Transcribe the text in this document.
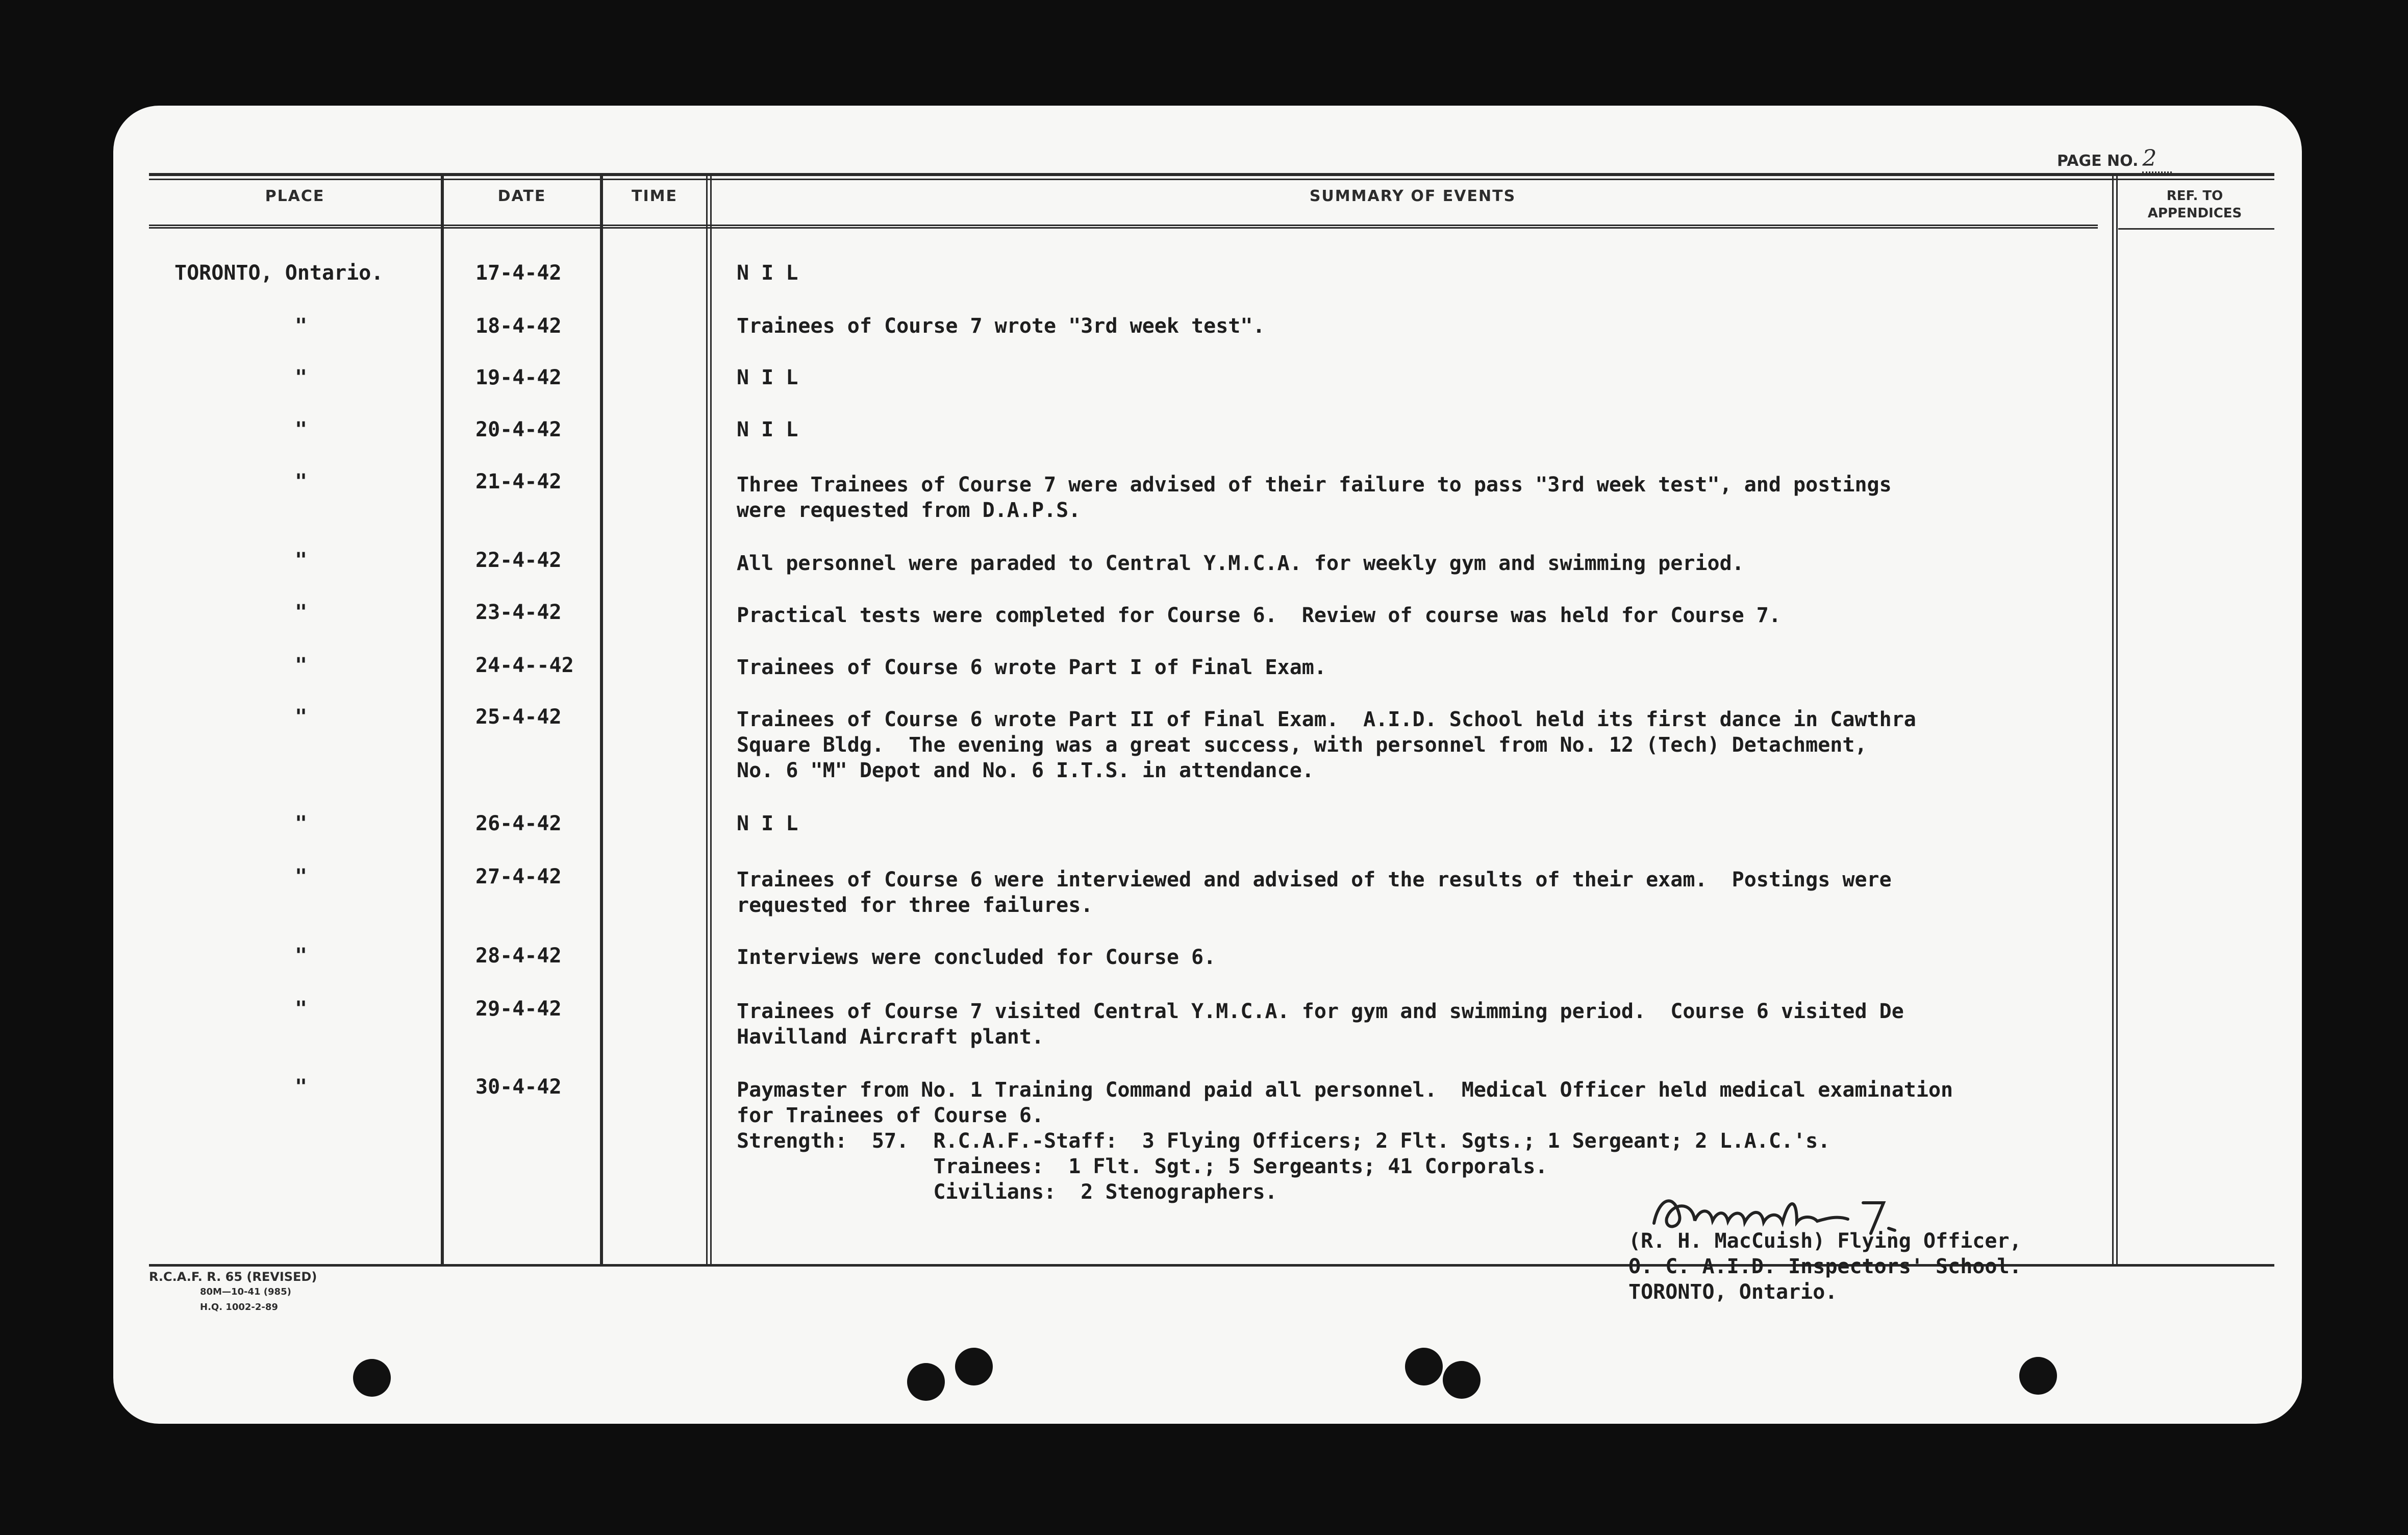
PAGE NO. 2
PLACE	DATE	TIME	SUMMARY OF EVENTS	REF. TO APPENDICES
TORONTO, Ontario.	17-4-42	N I L
"	18-4-42	Trainees of Course 7 wrote "3rd week test".
"	19-4-42	N I L
"	20-4-42	N I L
"	21-4-42	Three Trainees of Course 7 were advised of their failure to pass "3rd week test", and postings
were requested from D.A.P.S.
"	22-4-42	All personnel were paraded to Central Y.M.C.A. for weekly gym and swimming period.
"	23-4-42	Practical tests were completed for Course 6.  Review of course was held for Course 7.
"	24-4--42	Trainees of Course 6 wrote Part I of Final Exam.
"	25-4-42	Trainees of Course 6 wrote Part II of Final Exam.  A.I.D. School held its first dance in Cawthra
Square Bldg.  The evening was a great success, with personnel from No. 12 (Tech) Detachment,
No. 6 "M" Depot and No. 6 I.T.S. in attendance.
"	26-4-42	N I L
"	27-4-42	Trainees of Course 6 were interviewed and advised of the results of their exam.  Postings were
requested for three failures.
"	28-4-42	Interviews were concluded for Course 6.
"	29-4-42	Trainees of Course 7 visited Central Y.M.C.A. for gym and swimming period.  Course 6 visited De
Havilland Aircraft plant.
"	30-4-42	Paymaster from No. 1 Training Command paid all personnel.  Medical Officer held medical examination
for Trainees of Course 6.
Strength:  57.  R.C.A.F.-Staff:  3 Flying Officers; 2 Flt. Sgts.; 1 Sergeant; 2 L.A.C.'s.
Trainees:  1 Flt. Sgt.; 5 Sergeants; 41 Corporals.
Civilians:  2 Stenographers.
(R. H. MacCuish) Flying Officer,
O. C. A.I.D. Inspectors' School.
TORONTO, Ontario.
R.C.A.F. R. 65 (REVISED)
80M—10-41 (985)
H.Q. 1002-2-89
